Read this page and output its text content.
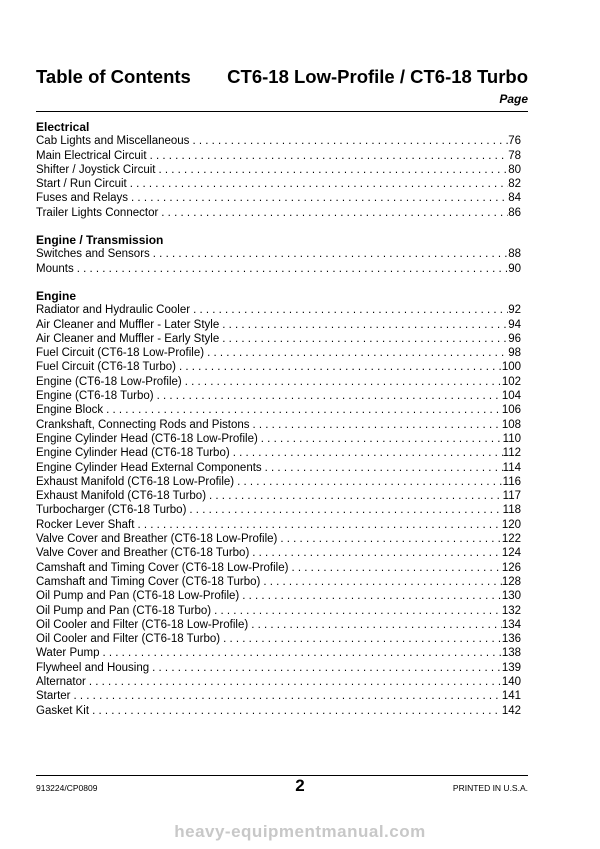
Table of Contents CT6-18 Low-Profile / CT6-18 Turbo
Page
Electrical
Cab Lights and Miscellaneous . . .	76
Main Electrical Circuit . . .	78
Shifter / Joystick Circuit . . .	80
Start / Run Circuit . . .	82
Fuses and Relays . . .	84
Trailer Lights Connector . . .	86
Engine / Transmission
Switches and Sensors . . .	88
Mounts . . .	90
Engine
Radiator and Hydraulic Cooler . . .	92
Air Cleaner and Muffler - Later Style . . .	94
Air Cleaner and Muffler - Early Style . . .	96
Fuel Circuit (CT6-18 Low-Profile) . . .	98
Fuel Circuit (CT6-18 Turbo) . . .	100
Engine (CT6-18 Low-Profile) . . .	102
Engine (CT6-18 Turbo) . . .	104
Engine Block . . .	106
Crankshaft, Connecting Rods and Pistons . . .	108
Engine Cylinder Head (CT6-18 Low-Profile) . . .	110
Engine Cylinder Head (CT6-18 Turbo) . . .	112
Engine Cylinder Head External Components . . .	114
Exhaust Manifold (CT6-18 Low-Profile) . . .	116
Exhaust Manifold (CT6-18 Turbo) . . .	117
Turbocharger (CT6-18 Turbo) . . .	118
Rocker Lever Shaft . . .	120
Valve Cover and Breather (CT6-18 Low-Profile) . . .	122
Valve Cover and Breather (CT6-18 Turbo) . . .	124
Camshaft and Timing Cover (CT6-18 Low-Profile) . . .	126
Camshaft and Timing Cover (CT6-18 Turbo) . . .	128
Oil Pump and Pan (CT6-18 Low-Profile) . . .	130
Oil Pump and Pan (CT6-18 Turbo) . . .	132
Oil Cooler and Filter (CT6-18 Low-Profile) . . .	134
Oil Cooler and Filter (CT6-18 Turbo) . . .	136
Water Pump . . .	138
Flywheel and Housing . . .	139
Alternator . . .	140
Starter . . .	141
Gasket Kit . . .	142
913224/CP0809	2	PRINTED IN U.S.A.
heavy-equipmentmanual.com
